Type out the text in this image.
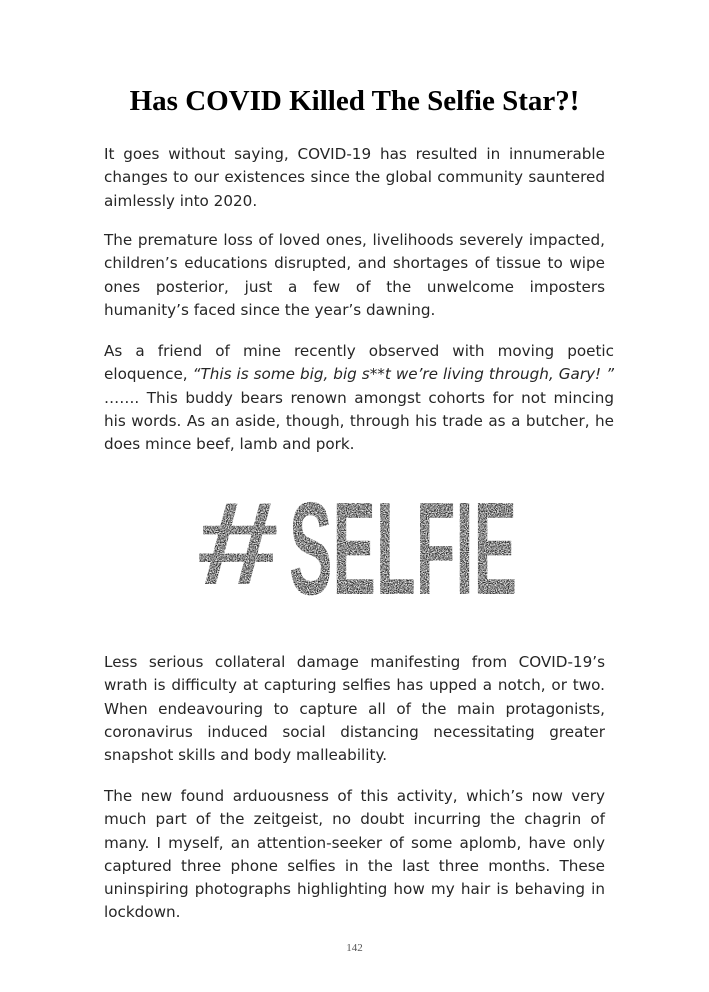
Has COVID Killed The Selfie Star?!

It goes without saying, COVID-19 has resulted in innumerable changes to our existences since the global community sauntered aimlessly into 2020.

The premature loss of loved ones, livelihoods severely impacted, children’s educations disrupted, and shortages of tissue to wipe ones posterior, just a few of the unwelcome imposters humanity’s faced since the year’s dawning.

As a friend of mine recently observed with moving poetic eloquence, “This is some big, big s**t we’re living through, Gary! ” ……. This buddy bears renown amongst cohorts for not mincing his words. As an aside, though, through his trade as a butcher, he does mince beef, lamb and pork.

# SELFIE

Less serious collateral damage manifesting from COVID-19’s wrath is difficulty at capturing selfies has upped a notch, or two. When endeavouring to capture all of the main protagonists, coronavirus induced social distancing necessitating greater snapshot skills and body malleability.

The new found arduousness of this activity, which’s now very much part of the zeitgeist, no doubt incurring the chagrin of many. I myself, an attention-seeker of some aplomb, have only captured three phone selfies in the last three months. These uninspiring photographs highlighting how my hair is behaving in lockdown.

142
